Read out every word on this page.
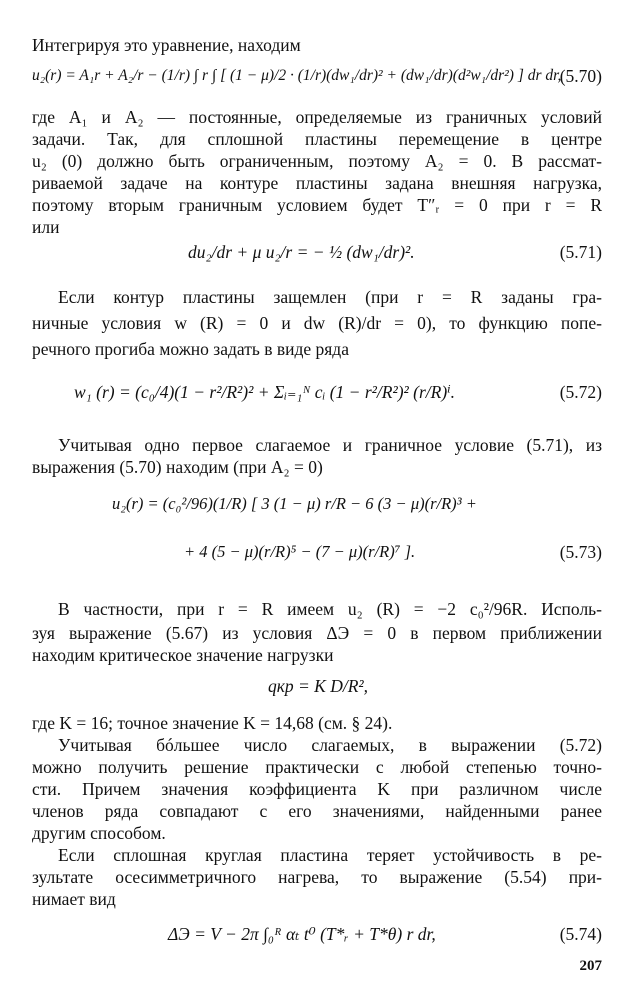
Интегрируя это уравнение, находим
u₂(r) = A₁r + A₂/r − (1/r) ∫ r ∫ [ (1 − μ)/2 · (1/r)(dw₁/dr)² + (dw₁/dr)(d²w₁/dr²) ] dr dr,
(5.70)
где A₁ и A₂ — постоянные, определяемые из граничных условий
задачи. Так, для сплошной пластины перемещение в центре
u₂ (0) должно быть ограниченным, поэтому A₂ = 0. В рассмат-
риваемой задаче на контуре пластины задана внешняя нагрузка,
поэтому вторым граничным условием будет T″ᵣ = 0 при r = R
или
du₂/dr + μ u₂/r = − ½ (dw₁/dr)².	(5.71)
Если контур пластины защемлен (при r = R заданы гра-
ничные условия w (R) = 0 и dw (R)/dr = 0), то функцию попе-
речного прогиба можно задать в виде ряда
w₁ (r) = (c₀/4)(1 − r²/R²)² + Σᵢ₌₁ᴺ cᵢ (1 − r²/R²)² (r/R)ⁱ.	(5.72)
Учитывая одно первое слагаемое и граничное условие (5.71), из
выражения (5.70) находим (при A₂ = 0)
u₂(r) = (c₀²/96)(1/R) [ 3 (1 − μ) r/R − 6 (3 − μ)(r/R)³ +
+ 4 (5 − μ)(r/R)⁵ − (7 − μ)(r/R)⁷ ].	(5.73)
В частности, при r = R имеем u₂ (R) = −2 c₀²/96R. Исполь-
зуя выражение (5.67) из условия ΔЭ = 0 в первом приближении
находим критическое значение нагрузки
qкр = K D/R²,
где K = 16; точное значение K = 14,68 (см. § 24).
Учитывая бóльшее число слагаемых, в выражении (5.72)
можно получить решение практически с любой степенью точно-
сти. Причем значения коэффициента K при различном числе
членов ряда совпадают с его значениями, найденными ранее
другим способом.
Если сплошная круглая пластина теряет устойчивость в ре-
зультате осесимметричного нагрева, то выражение (5.54) при-
нимает вид
ΔЭ = V − 2π ∫₀ᴿ αₜ t⁰ (T*ᵣ + T*θ) r dr,	(5.74)
207
